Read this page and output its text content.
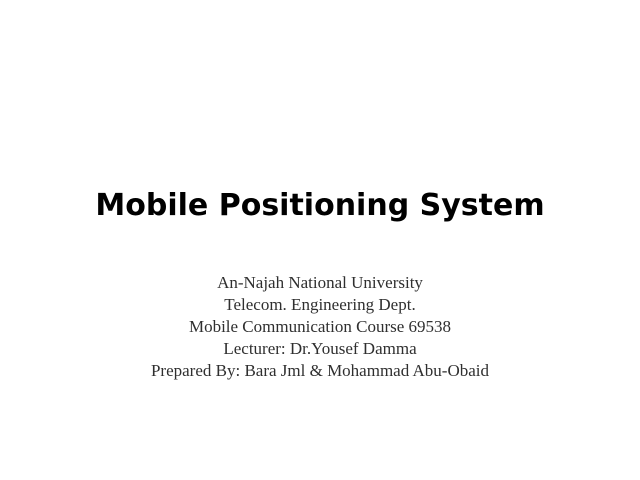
Mobile Positioning System
An-Najah National University
Telecom. Engineering Dept.
Mobile Communication Course 69538
Lecturer: Dr.Yousef Damma
Prepared By: Bara Jml & Mohammad Abu-Obaid
